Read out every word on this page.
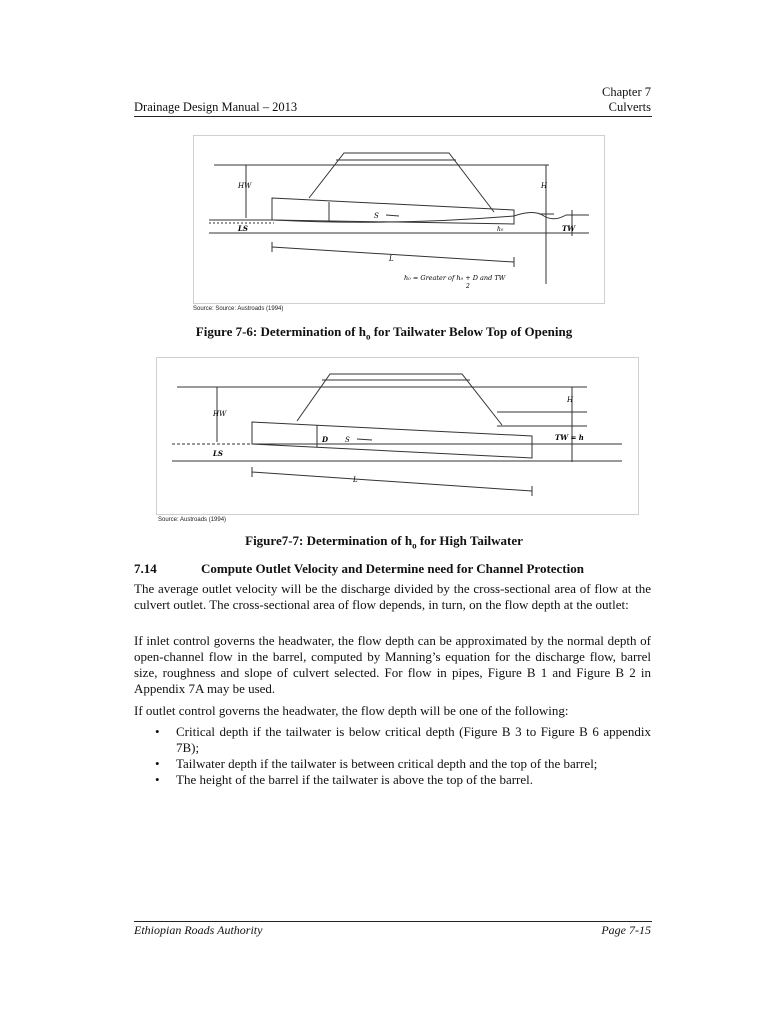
Chapter 7
Culverts
Drainage Design Manual – 2013
HW	H
LS
S
h₀	TW
L
h₀ = Greater of h₀ + D and TW
2
Source: Source: Austroads (1994)
Figure 7-6: Determination of $h_o$ for Tailwater Below Top of Opening
HW
H
LS
D S	TW = h
L
Source: Austroads (1994)
Figure7-7: Determination of $h_o$ for High Tailwater
7.14	Compute Outlet Velocity and Determine need for Channel Protection
The average outlet velocity will be the discharge divided by the cross-sectional area of flow at the culvert outlet. The cross-sectional area of flow depends, in turn, on the flow depth at the outlet:
If inlet control governs the headwater, the flow depth can be approximated by the normal depth of open-channel flow in the barrel, computed by Manning’s equation for the discharge flow, barrel size, roughness and slope of culvert selected. For flow in pipes, Figure B 1 and Figure B 2 in Appendix 7A may be used.
If outlet control governs the headwater, the flow depth will be one of the following:
• Critical depth if the tailwater is below critical depth (Figure B 3 to Figure B 6 appendix 7B);
• Tailwater depth if the tailwater is between critical depth and the top of the barrel;
• The height of the barrel if the tailwater is above the top of the barrel.
Ethiopian Roads Authority	Page 7-15
